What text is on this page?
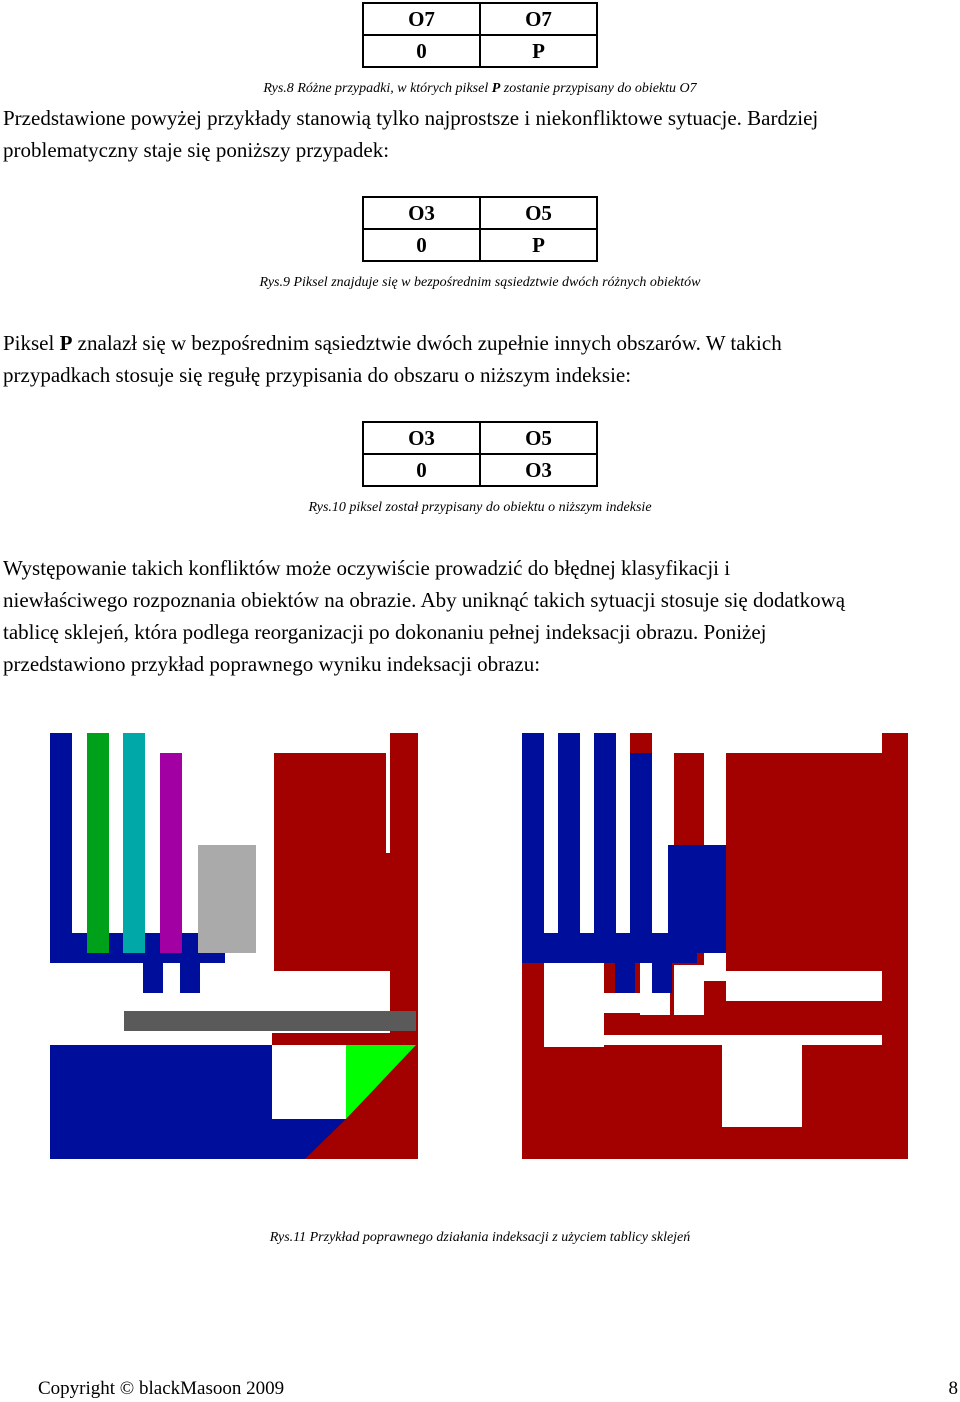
O7	O7
0	P
Rys.8 Różne przypadki, w których piksel P zostanie przypisany do obiektu O7

Przedstawione powyżej przykłady stanowią tylko najprostsze i niekonfliktowe sytuacje. Bardziej
problematyczny staje się poniższy przypadek:

O3	O5
0	P
Rys.9 Piksel znajduje się w bezpośrednim sąsiedztwie dwóch różnych obiektów

Piksel P znalazł się w bezpośrednim sąsiedztwie dwóch zupełnie innych obszarów. W takich
przypadkach stosuje się regułę przypisania do obszaru o niższym indeksie:

O3	O5
0	O3
Rys.10 piksel został przypisany do obiektu o niższym indeksie

Występowanie takich konfliktów może oczywiście prowadzić do błędnej klasyfikacji i
niewłaściwego rozpoznania obiektów na obrazie. Aby uniknąć takich sytuacji stosuje się dodatkową
tablicę sklejeń, która podlega reorganizacji po dokonaniu pełnej indeksacji obrazu. Poniżej
przedstawiono przykład poprawnego wyniku indeksacji obrazu:

Rys.11 Przykład poprawnego działania indeksacji z użyciem tablicy sklejeń
Copyright © blackMasoon 2009	8
